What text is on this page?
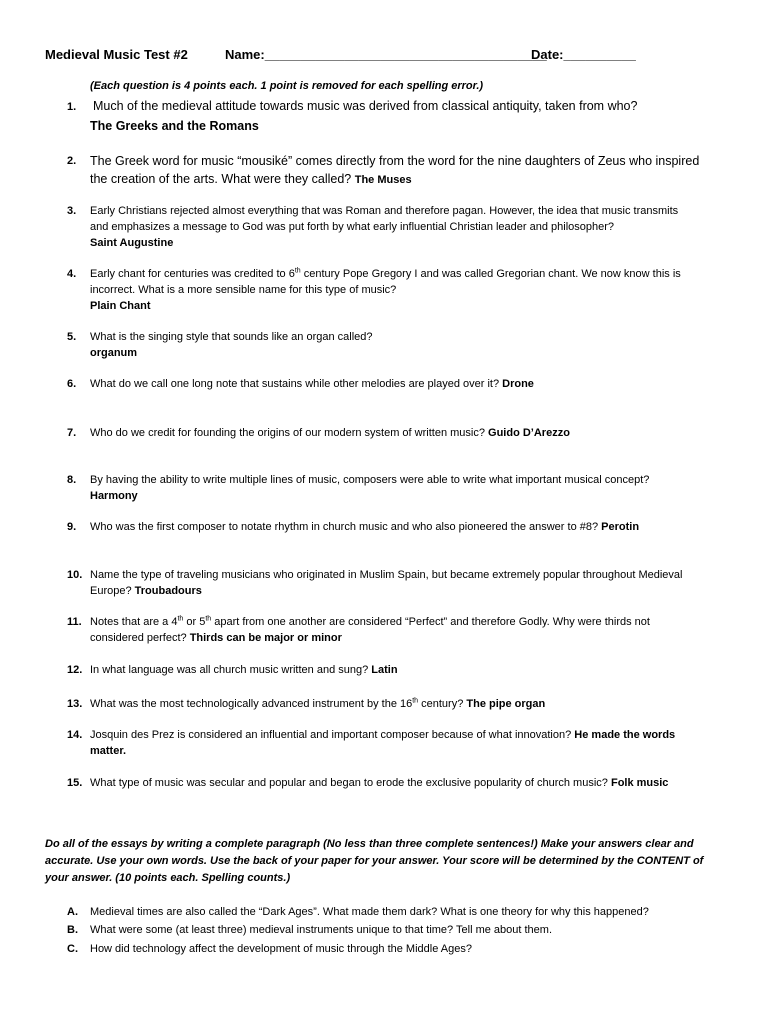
Medieval Music Test #2	Name:_______________________________________
Date:__________
(Each question is 4 points each. 1 point is removed for each spelling error.)
1. Much of the medieval attitude towards music was derived from classical antiquity, taken from who?
The Greeks and the Romans
2. The Greek word for music “mousiké” comes directly from the word for the nine daughters of Zeus who inspired
the creation of the arts. What were they called? The Muses
3. Early Christians rejected almost everything that was Roman and therefore pagan. However, the idea that music transmits
and emphasizes a message to God was put forth by what early influential Christian leader and philosopher?
Saint Augustine
4. Early chant for centuries was credited to 6th century Pope Gregory I and was called Gregorian chant. We now know this is
incorrect. What is a more sensible name for this type of music?
Plain Chant
5. What is the singing style that sounds like an organ called?
organum
6. What do we call one long note that sustains while other melodies are played over it? Drone
7. Who do we credit for founding the origins of our modern system of written music? Guido D’Arezzo
8. By having the ability to write multiple lines of music, composers were able to write what important musical concept?
Harmony
9. Who was the first composer to notate rhythm in church music and who also pioneered the answer to #8? Perotin
10. Name the type of traveling musicians who originated in Muslim Spain, but became extremely popular throughout Medieval
Europe? Troubadours
11. Notes that are a 4th or 5th apart from one another are considered “Perfect” and therefore Godly. Why were thirds not
considered perfect? Thirds can be major or minor
12. In what language was all church music written and sung? Latin
13. What was the most technologically advanced instrument by the 16th century? The pipe organ
14. Josquin des Prez is considered an influential and important composer because of what innovation? He made the words
matter.
15. What type of music was secular and popular and began to erode the exclusive popularity of church music? Folk music
Do all of the essays by writing a complete paragraph (No less than three complete sentences!) Make your answers clear and accurate. Use your own words. Use the back of your paper for your answer. Your score will be determined by the CONTENT of your answer. (10 points each. Spelling counts.)
A. Medieval times are also called the “Dark Ages”. What made them dark? What is one theory for why this happened?
B. What were some (at least three) medieval instruments unique to that time? Tell me about them.
C. How did technology affect the development of music through the Middle Ages?
